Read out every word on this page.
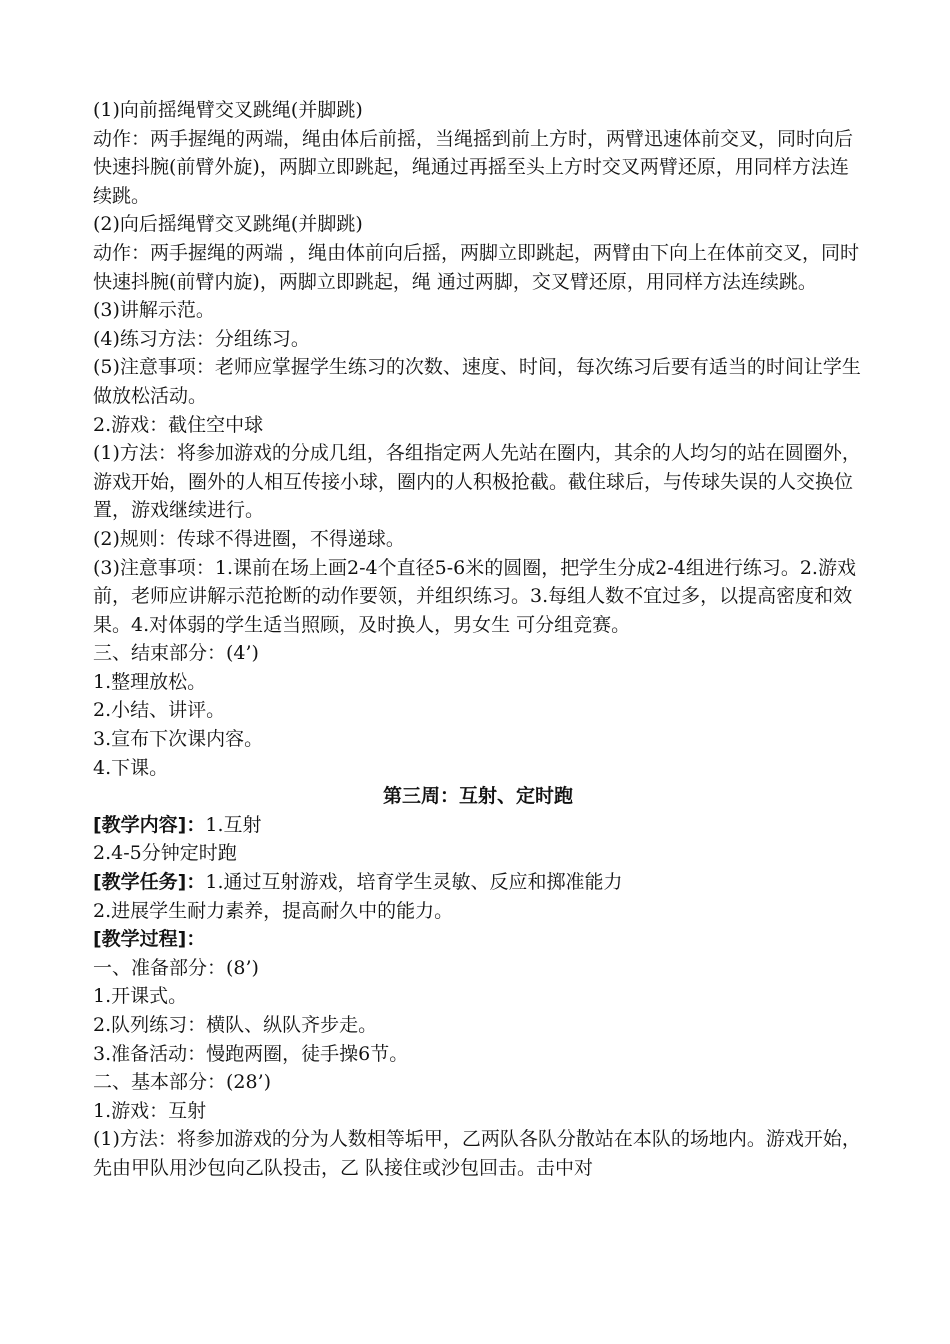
(1)向前摇绳臂交叉跳绳(并脚跳)

动作：两手握绳的两端，绳由体后前摇，当绳摇到前上方时，两臂迅速体前交叉，同时向后快速抖腕(前臂外旋)，两脚立即跳起，绳通过再摇至头上方时交叉两臂还原，用同样方法连续跳。

(2)向后摇绳臂交叉跳绳(并脚跳)

动作：两手握绳的两端 ，绳由体前向后摇，两脚立即跳起，两臂由下向上在体前交叉，同时快速抖腕(前臂内旋)，两脚立即跳起，绳 通过两脚，交叉臂还原，用同样方法连续跳。

(3)讲解示范。

(4)练习方法：分组练习。

(5)注意事项：老师应掌握学生练习的次数、速度、时间，每次练习后要有适当的时间让学生做放松活动。

2.游戏：截住空中球

(1)方法：将参加游戏的分成几组，各组指定两人先站在圈内，其余的人均匀的站在圆圈外，游戏开始，圈外的人相互传接小球，圈内的人积极抢截。截住球后，与传球失误的人交换位置，游戏继续进行。

(2)规则：传球不得进圈，不得递球。

(3)注意事项：1.课前在场上画2-4个直径5-6米的圆圈，把学生分成2-4组进行练习。2.游戏前，老师应讲解示范抢断的动作要领，并组织练习。3.每组人数不宜过多，以提高密度和效果。4.对体弱的学生适当照顾，及时换人，男女生 可分组竞赛。

三、结束部分：(4’)

1.整理放松。

2.小结、讲评。

3.宣布下次课内容。

4.下课。

第三周：互射、定时跑

[教学内容]：1.互射

2.4-5分钟定时跑

[教学任务]：1.通过互射游戏，培育学生灵敏、反应和掷准能力

2.进展学生耐力素养，提高耐久中的能力。

[教学过程]：

一、准备部分：(8’)

1.开课式。

2.队列练习：横队、纵队齐步走。

3.准备活动：慢跑两圈，徒手操6节。

二、基本部分：(28’)

1.游戏：互射

(1)方法：将参加游戏的分为人数相等垢甲，乙两队各队分散站在本队的场地内。游戏开始，先由甲队用沙包向乙队投击，乙 队接住或沙包回击。击中对
